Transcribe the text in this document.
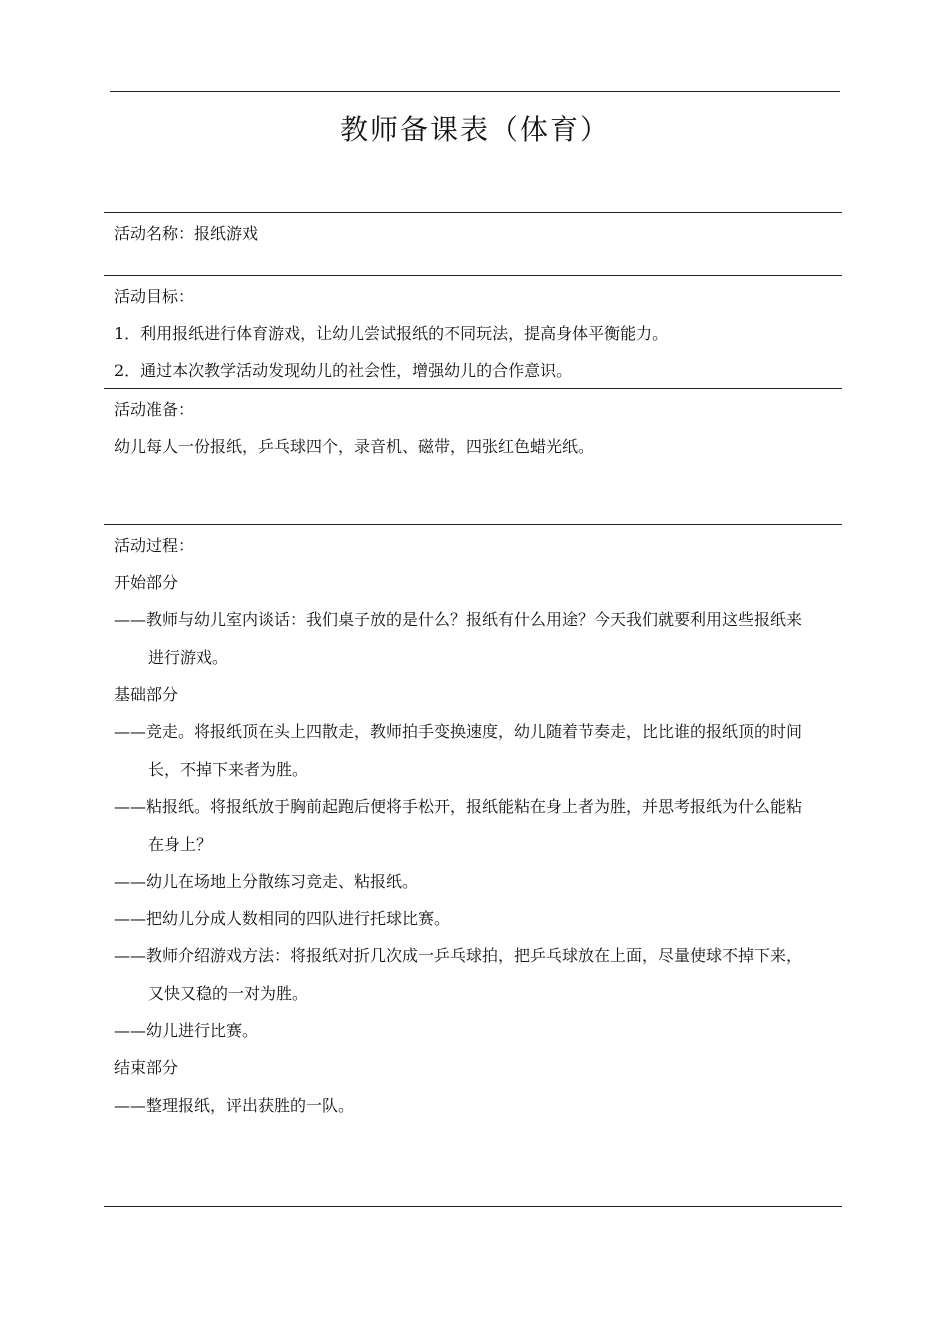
教师备课表（体育）
活动名称：报纸游戏
活动目标：
1．利用报纸进行体育游戏，让幼儿尝试报纸的不同玩法，提高身体平衡能力。
2．通过本次教学活动发现幼儿的社会性，增强幼儿的合作意识。
活动准备：
幼儿每人一份报纸，乒乓球四个，录音机、磁带，四张红色蜡光纸。
活动过程：
开始部分
——教师与幼儿室内谈话：我们桌子放的是什么？报纸有什么用途？今天我们就要利用这些报纸来
进行游戏。
基础部分
——竞走。将报纸顶在头上四散走，教师拍手变换速度，幼儿随着节奏走，比比谁的报纸顶的时间
长，不掉下来者为胜。
——粘报纸。将报纸放于胸前起跑后便将手松开，报纸能粘在身上者为胜，并思考报纸为什么能粘
在身上？
——幼儿在场地上分散练习竞走、粘报纸。
——把幼儿分成人数相同的四队进行托球比赛。
——教师介绍游戏方法：将报纸对折几次成一乒乓球拍，把乒乓球放在上面，尽量使球不掉下来，
又快又稳的一对为胜。
——幼儿进行比赛。
结束部分
——整理报纸，评出获胜的一队。
